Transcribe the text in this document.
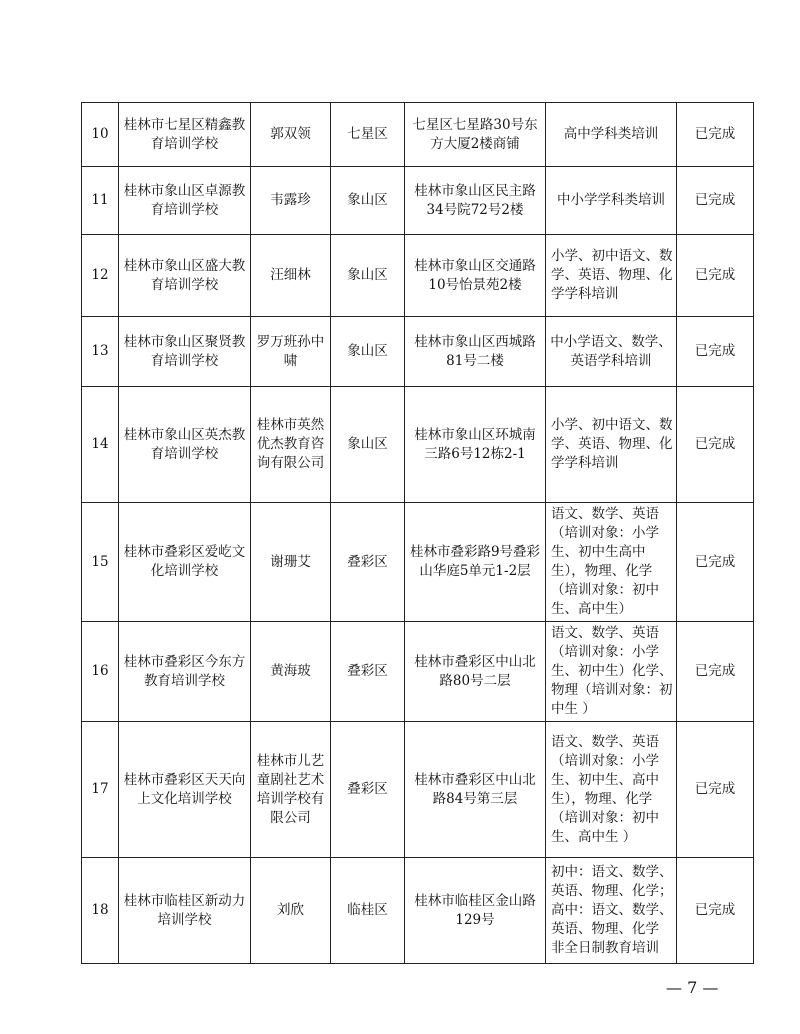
10	桂林市七星区精鑫教育培训学校	郭双领	七星区	七星区七星路30号东方大厦2楼商铺	高中学科类培训	已完成
11	桂林市象山区卓源教育培训学校	韦露珍	象山区	桂林市象山区民主路34号院72号2楼	中小学学科类培训	已完成
12	桂林市象山区盛大教育培训学校	汪细林	象山区	桂林市象山区交通路10号怡景苑2楼	小学、初中语文、数学、英语、物理、化学学科培训	已完成
13	桂林市象山区聚贤教育培训学校	罗万班孙中啸	象山区	桂林市象山区西城路81号二楼	中小学语文、数学、英语学科培训	已完成
14	桂林市象山区英杰教育培训学校	桂林市英然优杰教育咨询有限公司	象山区	桂林市象山区环城南三路6号12栋2-1	小学、初中语文、数学、英语、物理、化学学科培训	已完成
15	桂林市叠彩区爱屹文化培训学校	谢珊艾	叠彩区	桂林市叠彩路9号叠彩山华庭5单元1-2层	语文、数学、英语（培训对象：小学生、初中生高中生），物理、化学（培训对象：初中生、高中生）	已完成
16	桂林市叠彩区今东方教育培训学校	黄海玻	叠彩区	桂林市叠彩区中山北路80号二层	语文、数学、英语（培训对象：小学生、初中生）化学、物理（培训对象：初中生 ）	已完成
17	桂林市叠彩区天天向上文化培训学校	桂林市儿艺童剧社艺术培训学校有限公司	叠彩区	桂林市叠彩区中山北路84号第三层	语文、数学、英语（培训对象：小学生、初中生、高中生），物理、化学（培训对象：初中生、高中生 ）	已完成
18	桂林市临桂区新动力培训学校	刘欣	临桂区	桂林市临桂区金山路129号	初中：语文、数学、英语、物理、化学；高中：语文、数学、英语、物理、化学 非全日制教育培训	已完成
— 7 —
